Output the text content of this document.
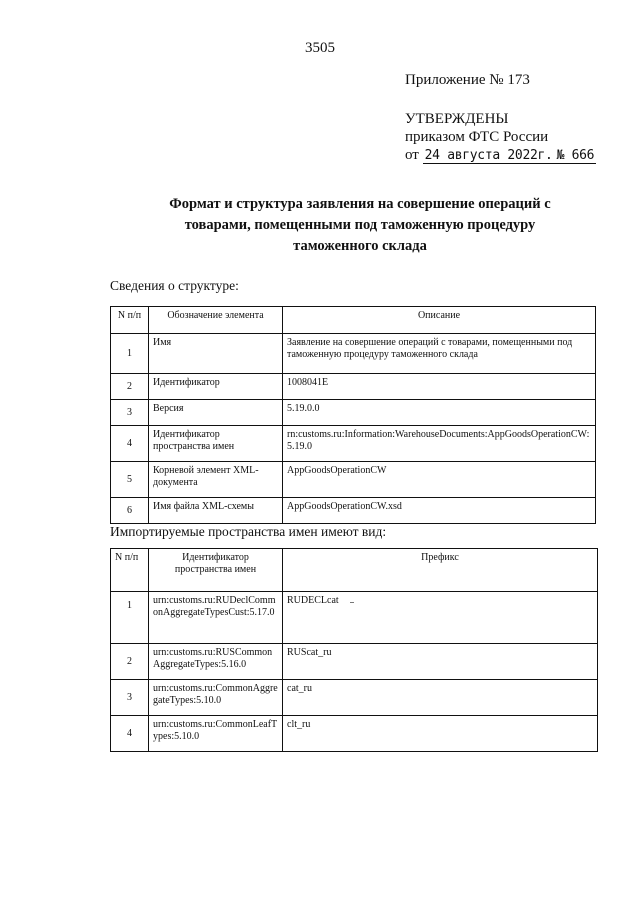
3505
Приложение № 173
УТВЕРЖДЕНЫ
приказом ФТС России
от 24 августа 2022г. № 666
Формат и структура заявления на совершение операций с товарами, помещенными под таможенную процедуру таможенного склада
Сведения о структуре:
N п/п	Обозначение элемента	Описание
1	Имя	Заявление на совершение операций с товарами, помещенными под таможенную процедуру таможенного склада
2	Идентификатор	1008041E
3	Версия	5.19.0.0
4	Идентификатор пространства имен	rn:customs.ru:Information:WarehouseDocuments:AppGoodsOperationCW:5.19.0
5	Корневой элемент XML-документа	AppGoodsOperationCW
6	Имя файла XML-схемы	AppGoodsOperationCW.xsd
Импортируемые пространства имен имеют вид:
N п/п	Идентификатор пространства имен	Префикс
1	urn:customs.ru:RUDeclCommonAggregateTypesCust:5.17.0	RUDECLcat
2	urn:customs.ru:RUSCommonAggregateTypes:5.16.0	RUScat_ru
3	urn:customs.ru:CommonAggregateTypes:5.10.0	cat_ru
4	urn:customs.ru:CommonLeafTypes:5.10.0	clt_ru
